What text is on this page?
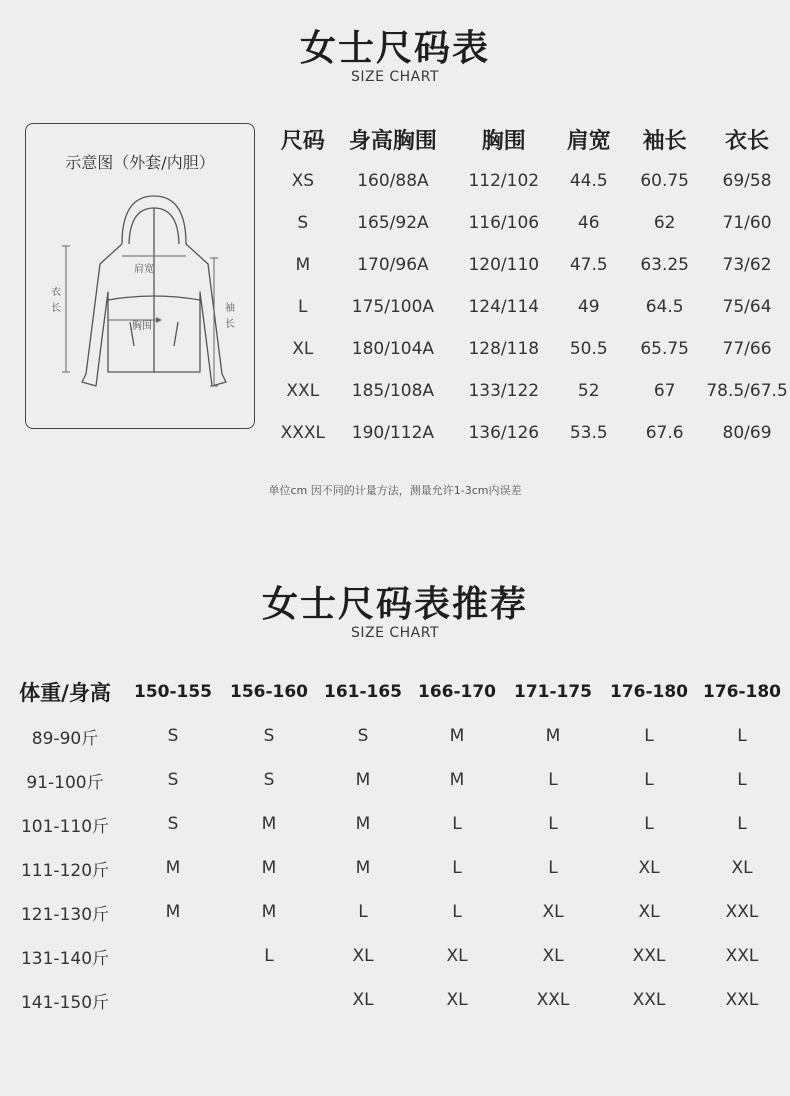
女士尺码表
SIZE CHART
示意图（外套/内胆）
肩宽
胸围
衣长	袖长
尺码	身高胸围	胸围	肩宽	袖长	衣长
XS	160/88A	112/102	44.5	60.75	69/58
S	165/92A	116/106	46	62	71/60
M	170/96A	120/110	47.5	63.25	73/62
L	175/100A	124/114	49	64.5	75/64
XL	180/104A	128/118	50.5	65.75	77/66
XXL	185/108A	133/122	52	67	78.5/67.5
XXXL	190/112A	136/126	53.5	67.6	80/69
单位cm 因不同的计量方法，测量允许1-3cm内误差
女士尺码表推荐
SIZE CHART
体重/身高	150-155	156-160	161-165	166-170	171-175	176-180	176-180
89-90斤	S	S	S	M	M	L	L
91-100斤	S	S	M	M	L	L	L
101-110斤	S	M	M	L	L	L	L
111-120斤	M	M	M	L	L	XL	XL
121-130斤	M	M	L	L	XL	XL	XXL
131-140斤		L	XL	XL	XL	XXL	XXL
141-150斤			XL	XL	XXL	XXL	XXL
